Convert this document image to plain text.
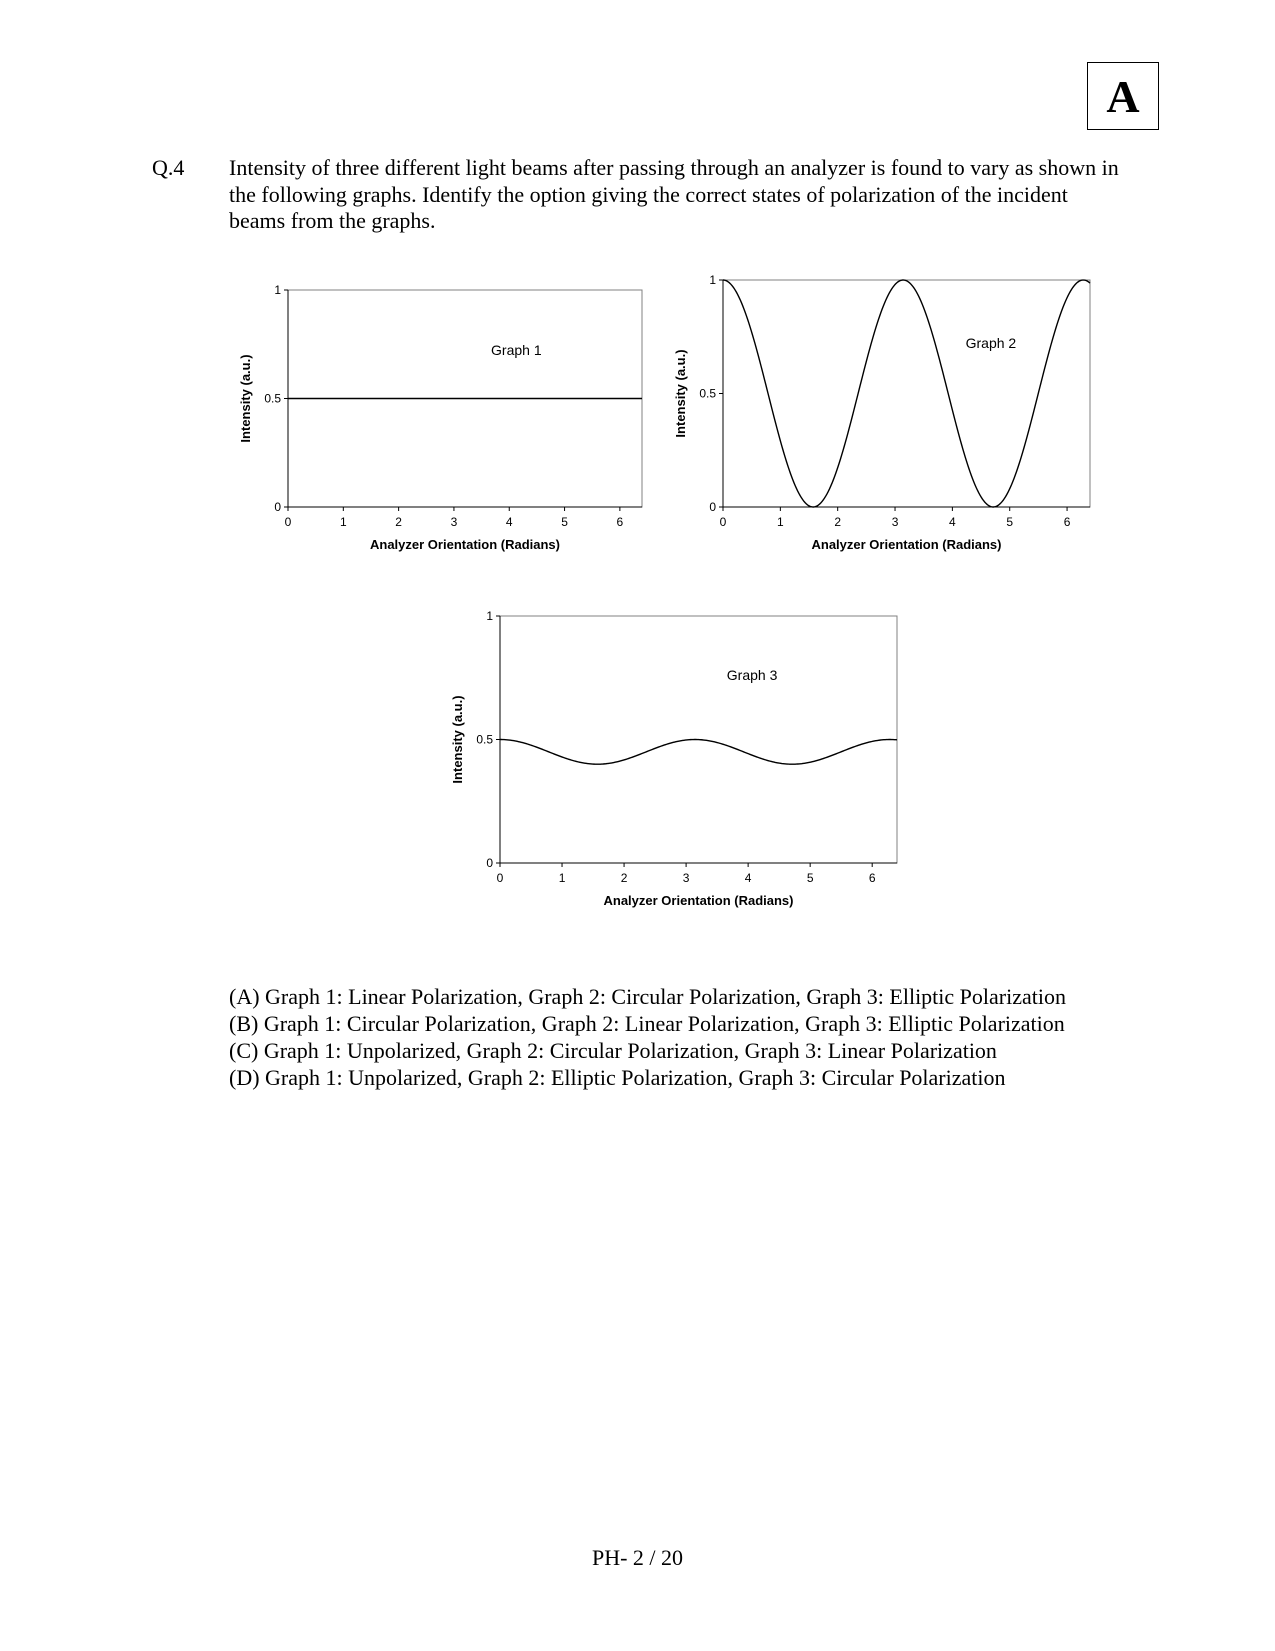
A
Q.4 Intensity of three different light beams after passing through an analyzer is found to vary as shown in the following graphs. Identify the option giving the correct states of polarization of the incident beams from the graphs.
0	1	2	3	4	5	6
0
0.5
1
Analyzer Orientation (Radians)
Intensity (a.u.)
Graph 1
0	1	2	3	4	5	6
0
0.5
1
Analyzer Orientation (Radians)
Intensity (a.u.)
Graph 2
0	1	2	3	4	5	6
0
0.5
1
Analyzer Orientation (Radians)
Intensity (a.u.)
Graph 3
(A) Graph 1: Linear Polarization, Graph 2: Circular Polarization, Graph 3: Elliptic Polarization
(B) Graph 1: Circular Polarization, Graph 2: Linear Polarization, Graph 3: Elliptic Polarization
(C) Graph 1: Unpolarized, Graph 2: Circular Polarization, Graph 3: Linear Polarization
(D) Graph 1: Unpolarized, Graph 2: Elliptic Polarization, Graph 3: Circular Polarization
PH- 2 / 20
